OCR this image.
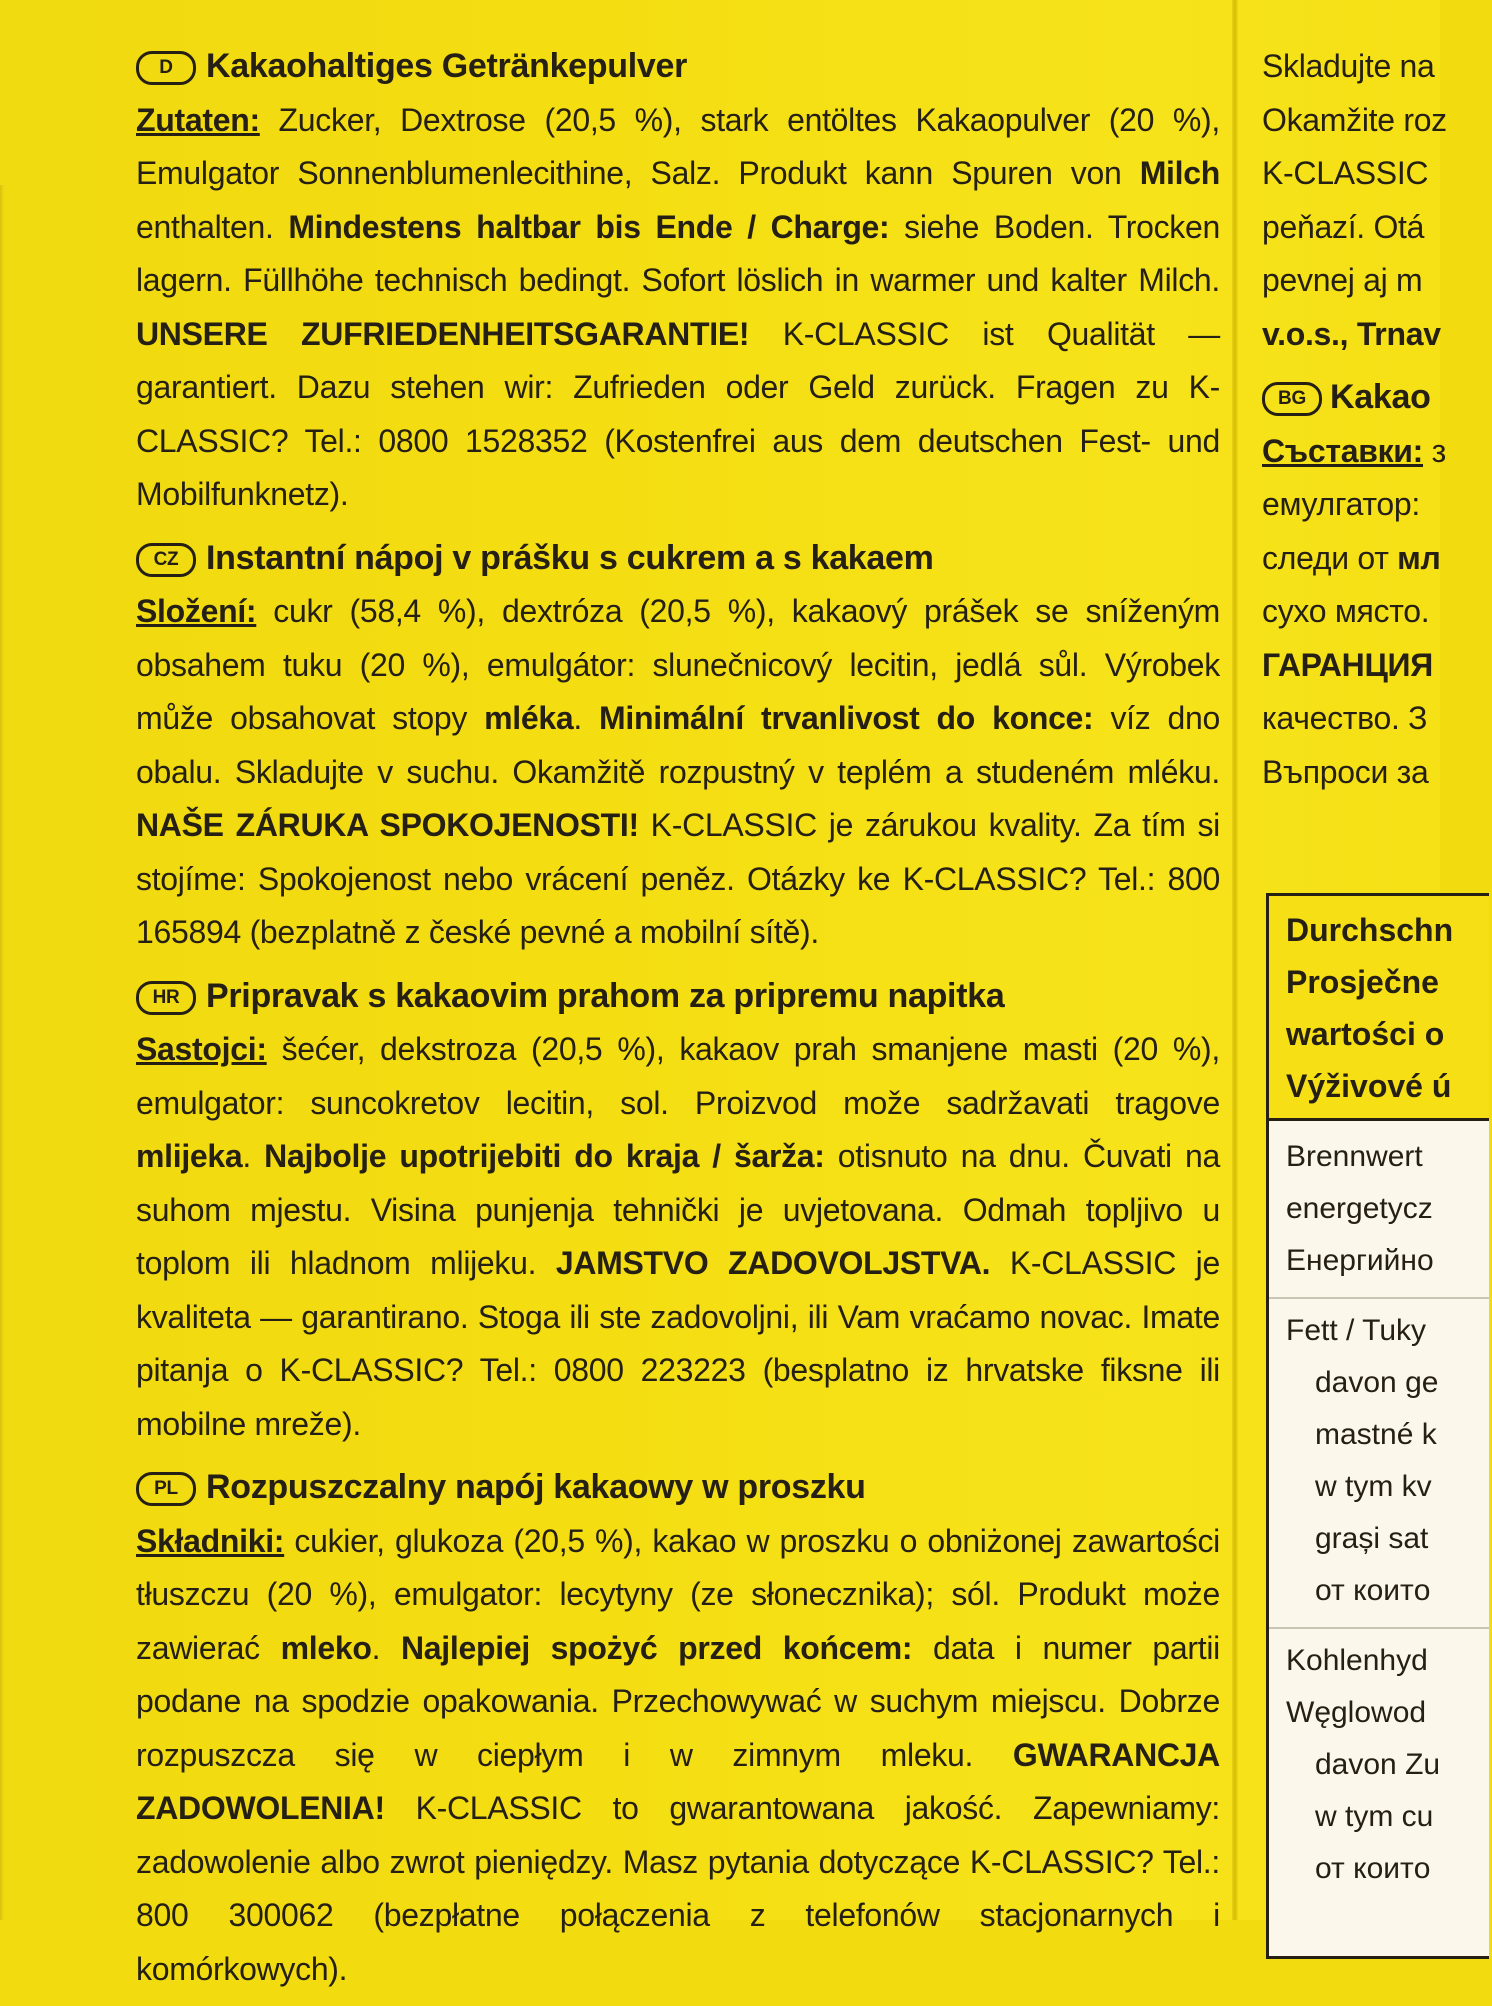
D Kakaohaltiges Getränkepulver
Zutaten: Zucker, Dextrose (20,5 %), stark entöltes Kakaopulver (20 %), Emulgator Sonnenblumenlecithine, Salz. Produkt kann Spuren von Milch enthalten. Mindestens haltbar bis Ende / Charge: siehe Boden. Trocken lagern. Füllhöhe technisch bedingt. Sofort löslich in warmer und kalter Milch. UNSERE ZUFRIEDENHEITSGARANTIE! K-CLASSIC ist Qualität — garantiert. Dazu stehen wir: Zufrieden oder Geld zurück. Fragen zu K-CLASSIC? Tel.: 0800 1528352 (Kostenfrei aus dem deutschen Fest- und Mobilfunknetz).
CZ Instantní nápoj v prášku s cukrem a s kakaem
Složení: cukr (58,4 %), dextróza (20,5 %), kakaový prášek se sníženým obsahem tuku (20 %), emulgátor: slunečnicový lecitin, jedlá sůl. Výrobek může obsahovat stopy mléka. Minimální trvanlivost do konce: víz dno obalu. Skladujte v suchu. Okamžitě rozpustný v teplém a studeném mléku. NAŠE ZÁRUKA SPOKOJENOSTI! K-CLASSIC je zárukou kvality. Za tím si stojíme: Spokojenost nebo vrácení peněz. Otázky ke K-CLASSIC? Tel.: 800 165894 (bezplatně z české pevné a mobilní sítě).
HR Pripravak s kakaovim prahom za pripremu napitka
Sastojci: šećer, dekstroza (20,5 %), kakaov prah smanjene masti (20 %), emulgator: suncokretov lecitin, sol. Proizvod može sadržavati tragove mlijeka. Najbolje upotrijebiti do kraja / šarža: otisnuto na dnu. Čuvati na suhom mjestu. Visina punjenja tehnički je uvjetovana. Odmah topljivo u toplom ili hladnom mlijeku. JAMSTVO ZADOVOLJSTVA. K-CLASSIC je kvaliteta — garantirano. Stoga ili ste zadovoljni, ili Vam vraćamo novac. Imate pitanja o K-CLASSIC? Tel.: 0800 223223 (besplatno iz hrvatske fiksne ili mobilne mreže).
PL Rozpuszczalny napój kakaowy w proszku
Składniki: cukier, glukoza (20,5 %), kakao w proszku o obniżonej zawartości tłuszczu (20 %), emulgator: lecytyny (ze słonecznika); sól. Produkt może zawierać mleko. Najlepiej spożyć przed końcem: data i numer partii podane na spodzie opakowania. Przechowywać w suchym miejscu. Dobrze rozpuszcza się w ciepłym i w zimnym mleku. GWARANCJA ZADOWOLENIA! K-CLASSIC to gwarantowana jakość. Zapewniamy: zadowolenie albo zwrot pieniędzy. Masz pytania dotyczące K-CLASSIC? Tel.: 800 300062 (bezpłatne połączenia z telefonów stacjonarnych i komórkowych).
Skladujte na
Okamžite roz
K-CLASSIC
peňazí. Otá
pevnej aj m
v.o.s., Trnav
BG Kakaо
Съставки: з
емулгатор:
следи от мл
сухо място.
ГАРАНЦИЯ
качество. З
Въпроси за
Durchschn
Prosječne
wartości o
Výživové ú
Brennwert
energetycz
Енергийнo
Fett / Tuky
davon ge
mastné k
w tym kv
grași sat
от коитo
Kohlenhyd
Węglowod
davon Zu
w tym cu
от коитo
